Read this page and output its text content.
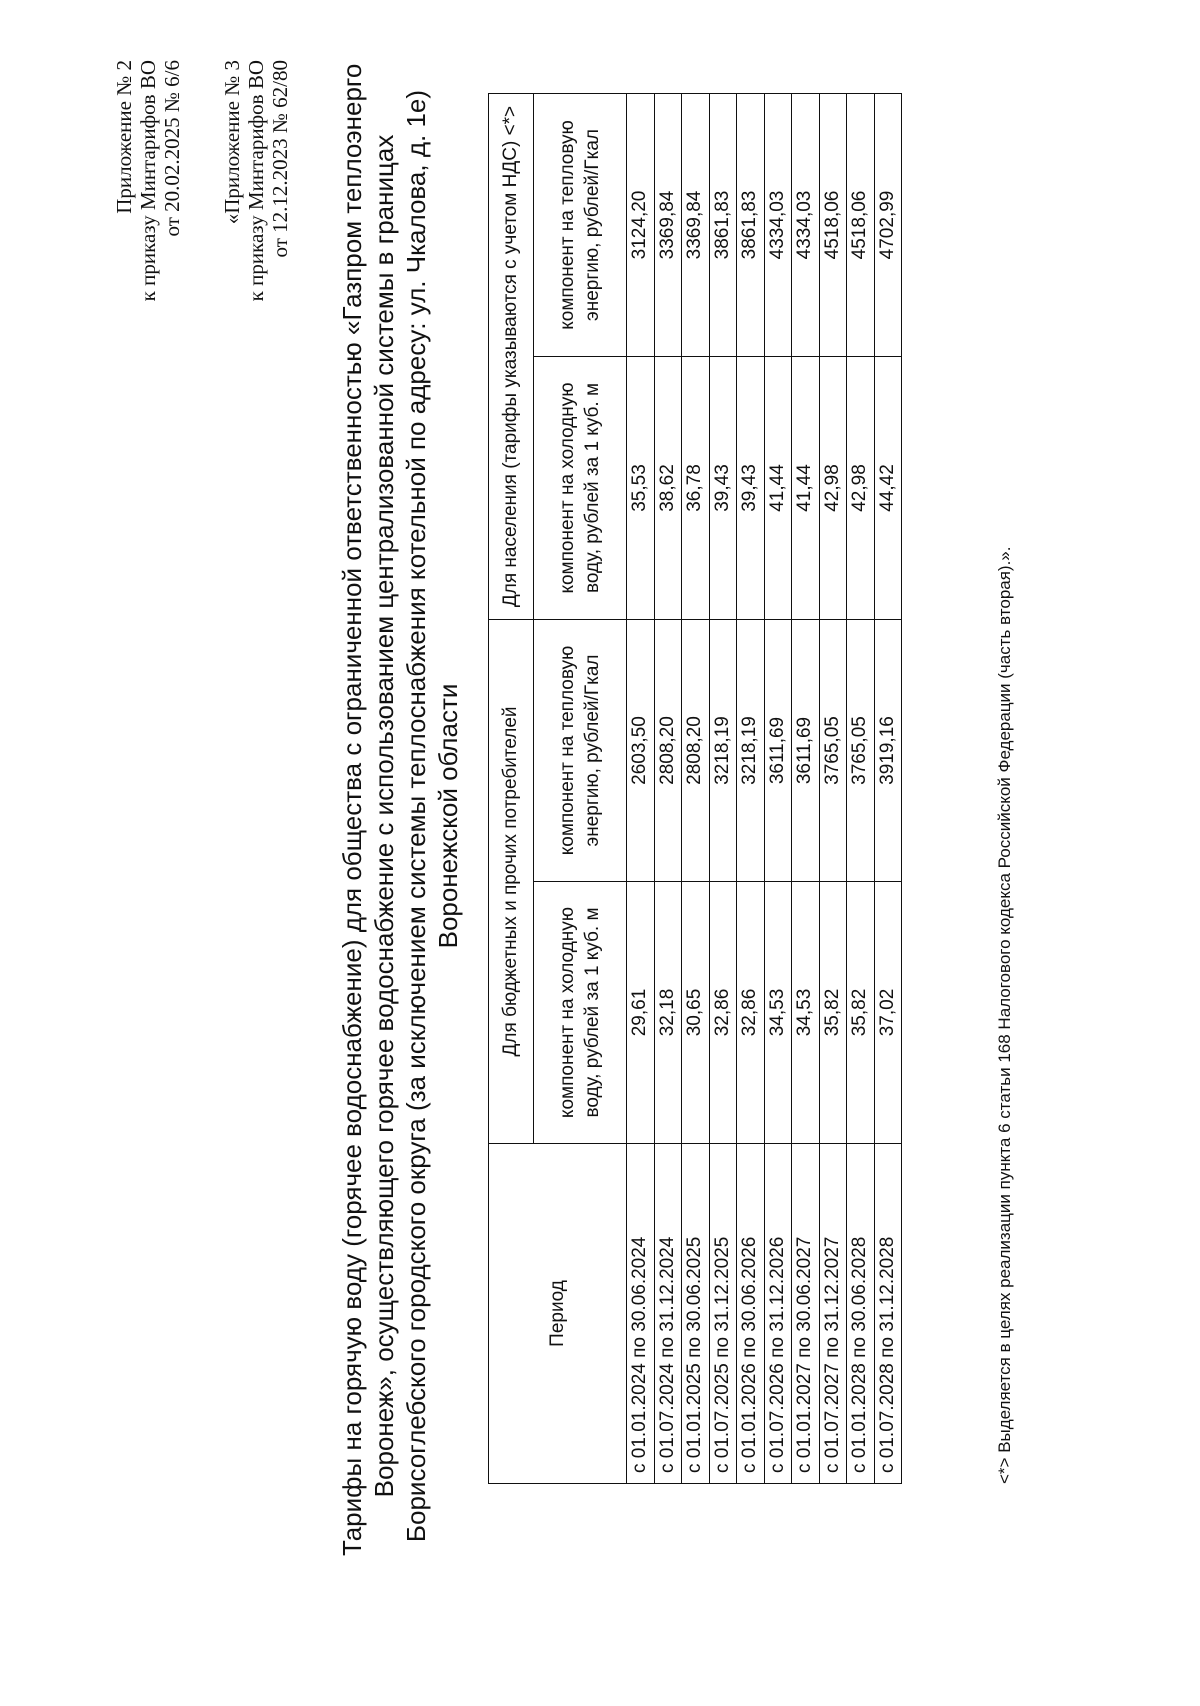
Приложение № 2 к приказу Минтарифов ВО от 20.02.2025 № 6/6 «Приложение № 3 к приказу Минтарифов ВО от 12.12.2023 № 62/80 Тарифы на горячую воду (горячее водоснабжение) для общества с ограниченной ответственностью «Газпром теплоэнерго Воронеж», осуществляющего горячее водоснабжение с использованием централизованной системы в границах Борисоглебского городского округа (за исключением системы теплоснабжения котельной по адресу: ул. Чкалова, д. 1е) Воронежской области
Период	Для бюджетных и прочих потребителей		Для населения (тарифы указываются с учетом НДС) <*>	
	компонент на холодную воду, рублей за 1 куб. м	компонент на тепловую энергию, рублей/Гкал	компонент на холодную воду, рублей за 1 куб. м	компонент на тепловую энергию, рублей/Гкал
с 01.01.2024 по 30.06.2024	29,61	2603,50	35,53	3124,20
с 01.07.2024 по 31.12.2024	32,18	2808,20	38,62	3369,84
с 01.01.2025 по 30.06.2025	30,65	2808,20	36,78	3369,84
с 01.07.2025 по 31.12.2025	32,86	3218,19	39,43	3861,83
с 01.01.2026 по 30.06.2026	32,86	3218,19	39,43	3861,83
с 01.07.2026 по 31.12.2026	34,53	3611,69	41,44	4334,03
с 01.01.2027 по 30.06.2027	34,53	3611,69	41,44	4334,03
с 01.07.2027 по 31.12.2027	35,82	3765,05	42,98	4518,06
с 01.01.2028 по 30.06.2028	35,82	3765,05	42,98	4518,06
с 01.07.2028 по 31.12.2028	37,02	3919,16	44,42	4702,99
<*> Выделяется в целях реализации пункта 6 статьи 168 Налогового кодекса Российской Федерации (часть вторая).».
